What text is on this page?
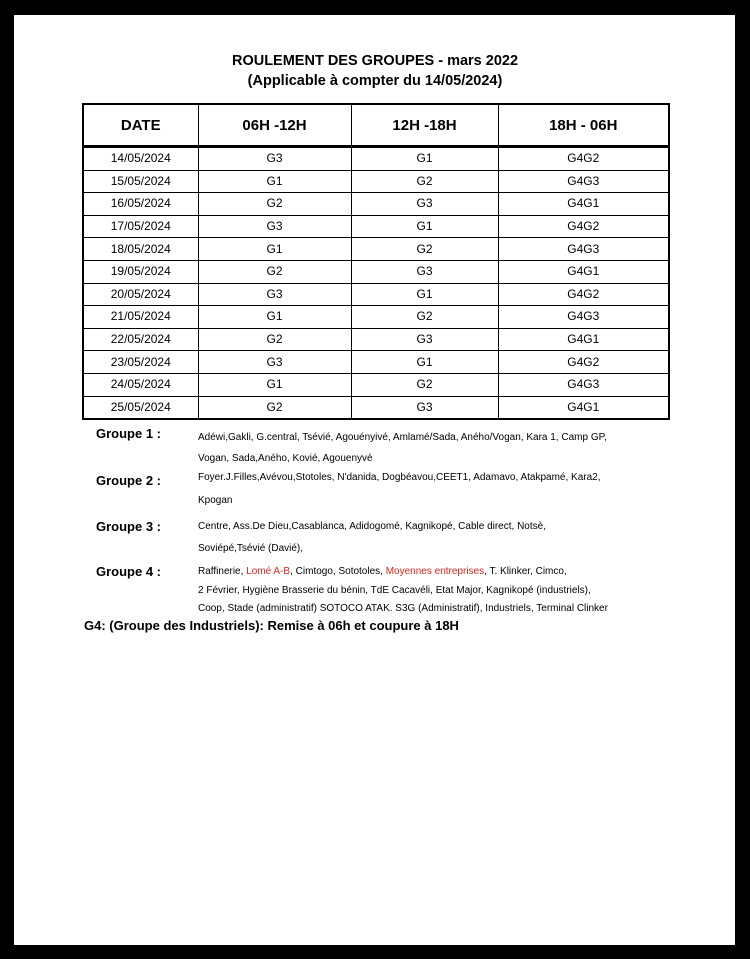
ROULEMENT DES GROUPES - mars 2022
(Applicable à compter du 14/05/2024)
DATE	06H -12H	12H -18H	18H - 06H
14/05/2024	G3	G1	G4G2
15/05/2024	G1	G2	G4G3
16/05/2024	G2	G3	G4G1
17/05/2024	G3	G1	G4G2
18/05/2024	G1	G2	G4G3
19/05/2024	G2	G3	G4G1
20/05/2024	G3	G1	G4G2
21/05/2024	G1	G2	G4G3
22/05/2024	G2	G3	G4G1
23/05/2024	G3	G1	G4G2
24/05/2024	G1	G2	G4G3
25/05/2024	G2	G3	G4G1
Groupe 1 :	Adéwi,Gakli, G.central, Tsévié, Agouényivé, Amlamé/Sada, Aného/Vogan, Kara 1, Camp GP,
Vogan, Sada,Aného, Kovié, Agouenyvé
Groupe 2 :	Foyer.J.Filles,Avévou,Stotoles, N'danida, Dogbéavou,CEET1, Adamavo, Atakpamé, Kara2,
Kpogan
Groupe 3 :	Centre, Ass.De Dieu,Casablanca, Adidogomé, Kagnikopé, Cable direct, Notsè,
Soviépé,Tsévié (Davié),
Groupe 4 :	Raffinerie, Lomé A-B, Cimtogo, Sototoles, Moyennes entreprises, T. Klinker, Cimco,
2 Février, Hygiène Brasserie du bénin, TdE Cacavéli, Etat Major, Kagnikopé (industriels),
Coop, Stade (administratif) SOTOCO ATAK. S3G (Administratif), Industriels, Terminal Clinker
G4: (Groupe des Industriels): Remise à 06h et coupure à 18H
